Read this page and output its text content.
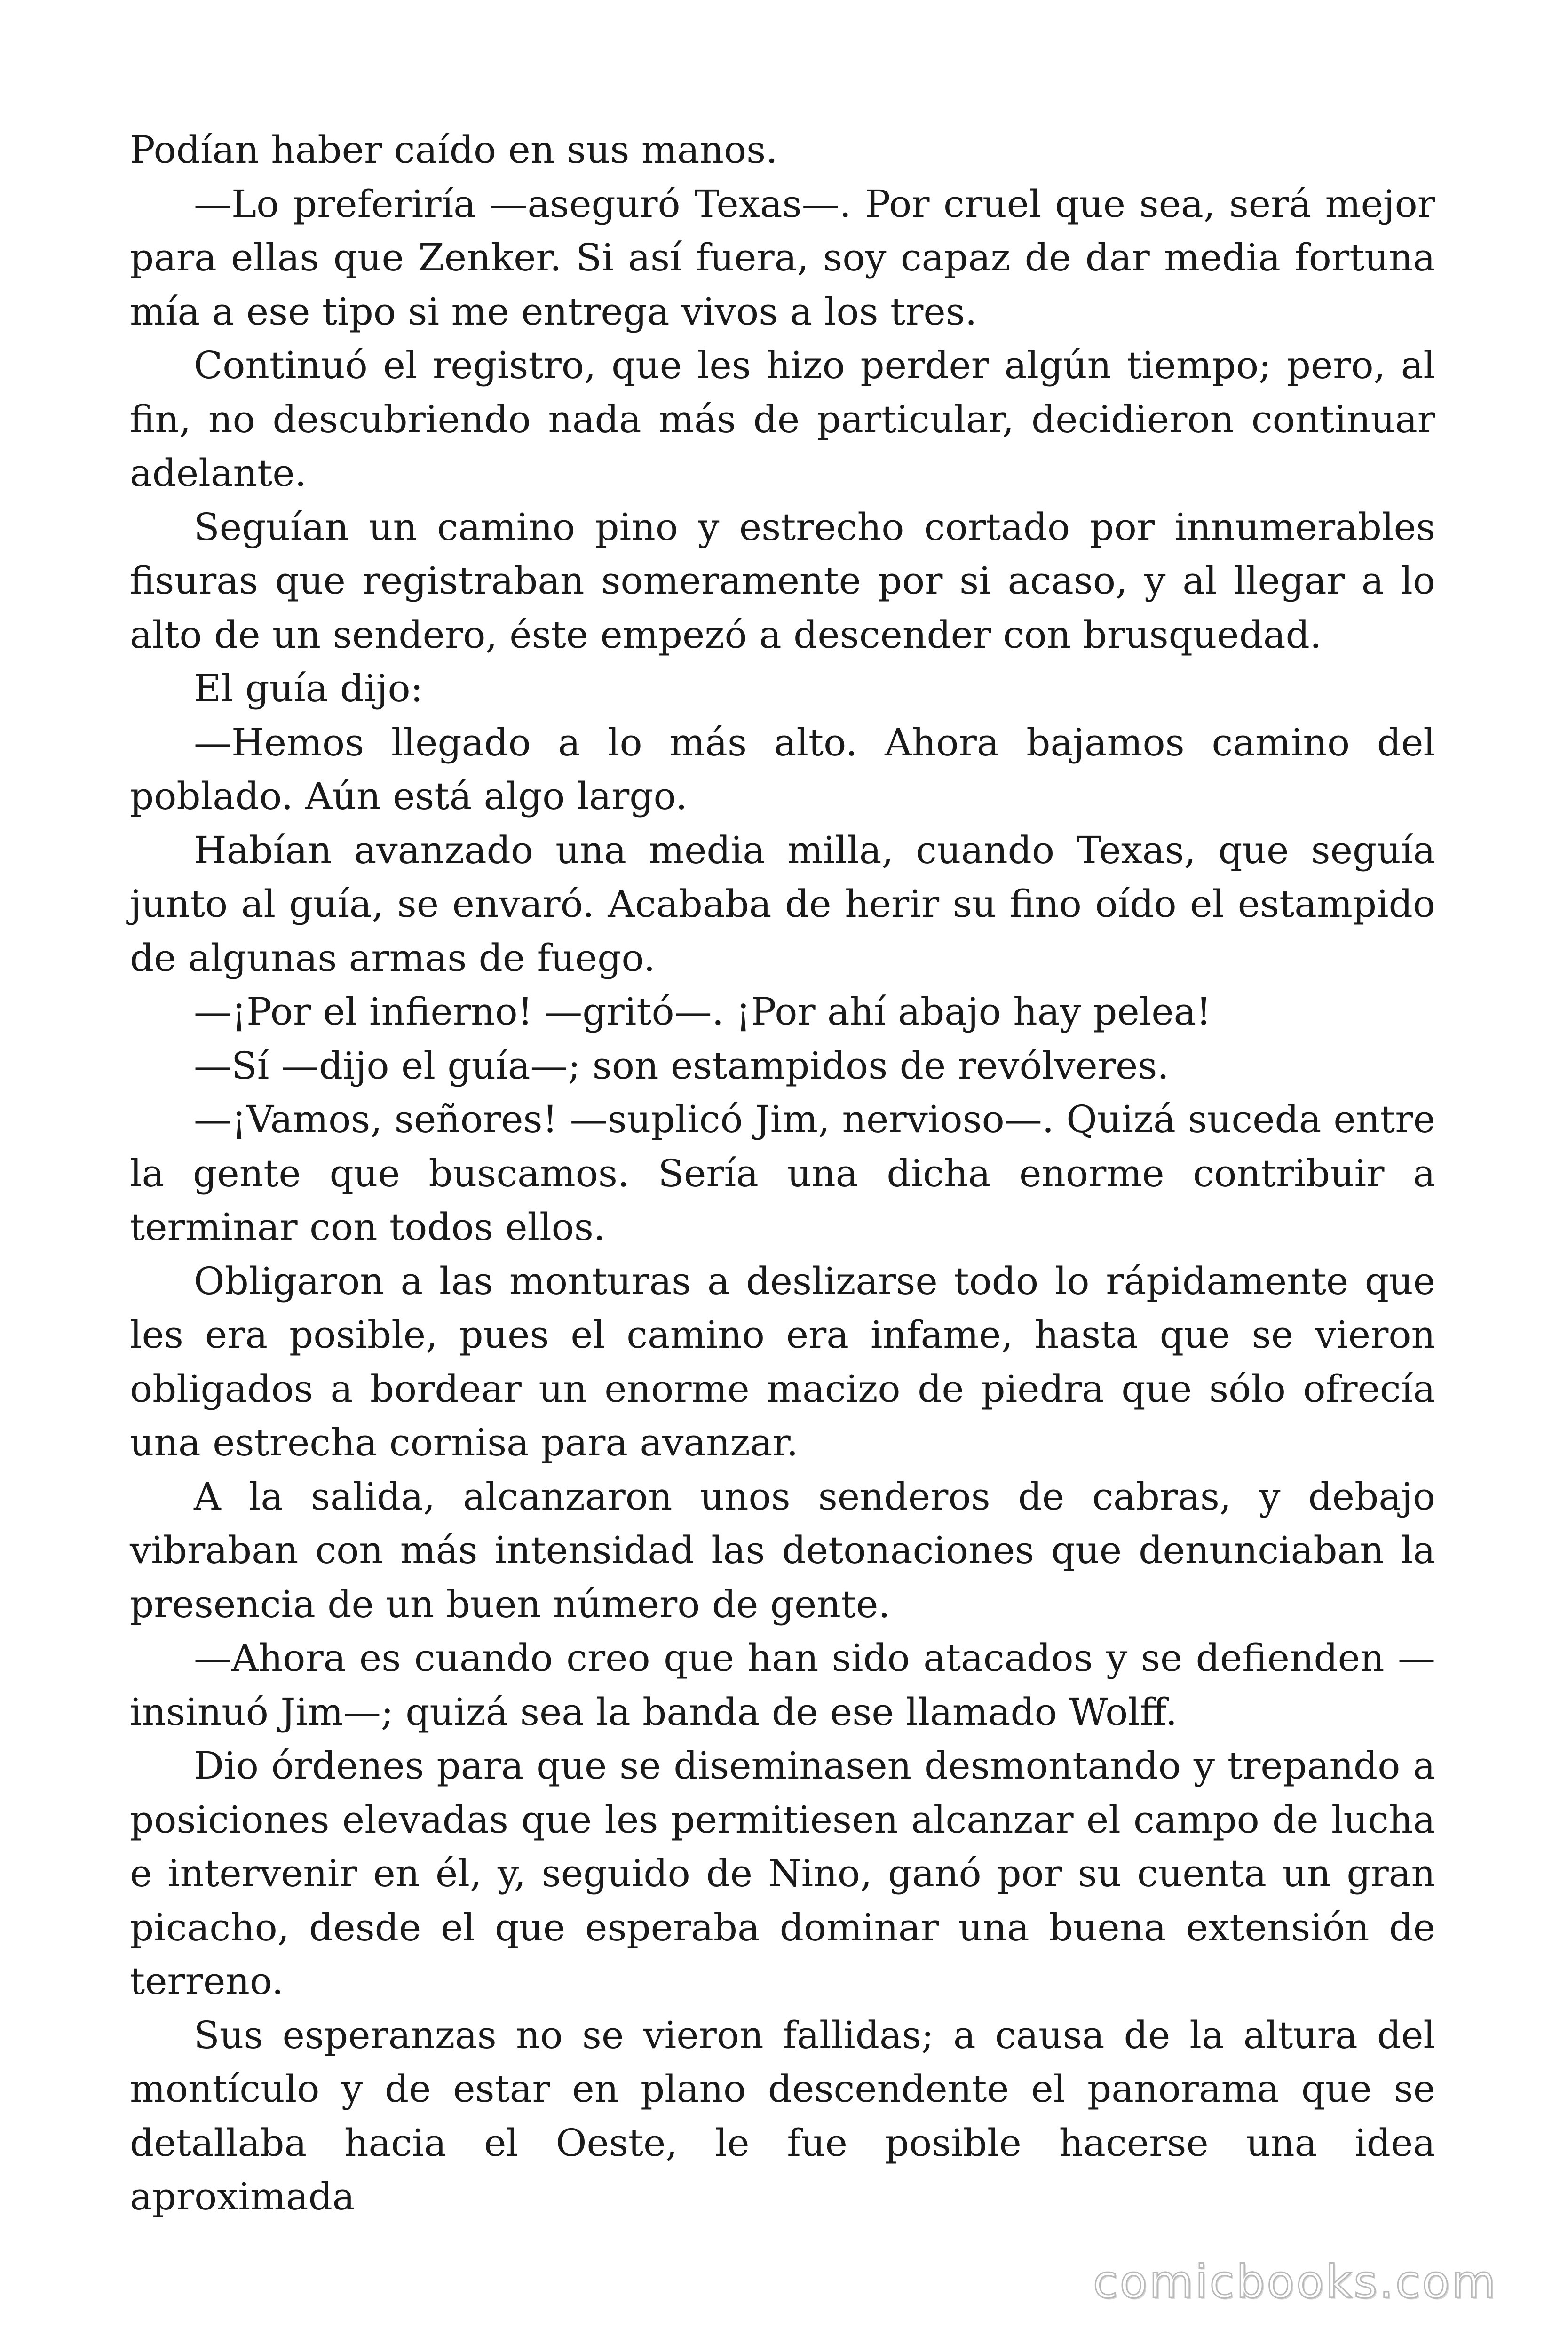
Podían haber caído en sus manos.

—Lo preferiría —aseguró Texas—. Por cruel que sea, será mejor para ellas que Zenker. Si así fuera, soy capaz de dar media fortuna mía a ese tipo si me entrega vivos a los tres.

Continuó el registro, que les hizo perder algún tiempo; pero, al fin, no descubriendo nada más de particular, decidieron continuar adelante.

Seguían un camino pino y estrecho cortado por innumerables fisuras que registraban someramente por si acaso, y al llegar a lo alto de un sendero, éste empezó a descender con brusquedad.

El guía dijo:

—Hemos llegado a lo más alto. Ahora bajamos camino del poblado. Aún está algo largo.

Habían avanzado una media milla, cuando Texas, que seguía junto al guía, se envaró. Acababa de herir su fino oído el estampido de algunas armas de fuego.

—¡Por el infierno! —gritó—. ¡Por ahí abajo hay pelea!

—Sí —dijo el guía—; son estampidos de revólveres.

—¡Vamos, señores! —suplicó Jim, nervioso—. Quizá suceda entre la gente que buscamos. Sería una dicha enorme contribuir a terminar con todos ellos.

Obligaron a las monturas a deslizarse todo lo rápidamente que les era posible, pues el camino era infame, hasta que se vieron obligados a bordear un enorme macizo de piedra que sólo ofrecía una estrecha cornisa para avanzar.

A la salida, alcanzaron unos senderos de cabras, y debajo vibraban con más intensidad las detonaciones que denunciaban la presencia de un buen número de gente.

—Ahora es cuando creo que han sido atacados y se defienden —insinuó Jim—; quizá sea la banda de ese llamado Wolff.

Dio órdenes para que se diseminasen desmontando y trepando a posiciones elevadas que les permitiesen alcanzar el campo de lucha e intervenir en él, y, seguido de Nino, ganó por su cuenta un gran picacho, desde el que esperaba dominar una buena extensión de terreno.

Sus esperanzas no se vieron fallidas; a causa de la altura del montículo y de estar en plano descendente el panorama que se detallaba hacia el Oeste, le fue posible hacerse una idea aproximada

comicbooks.com
